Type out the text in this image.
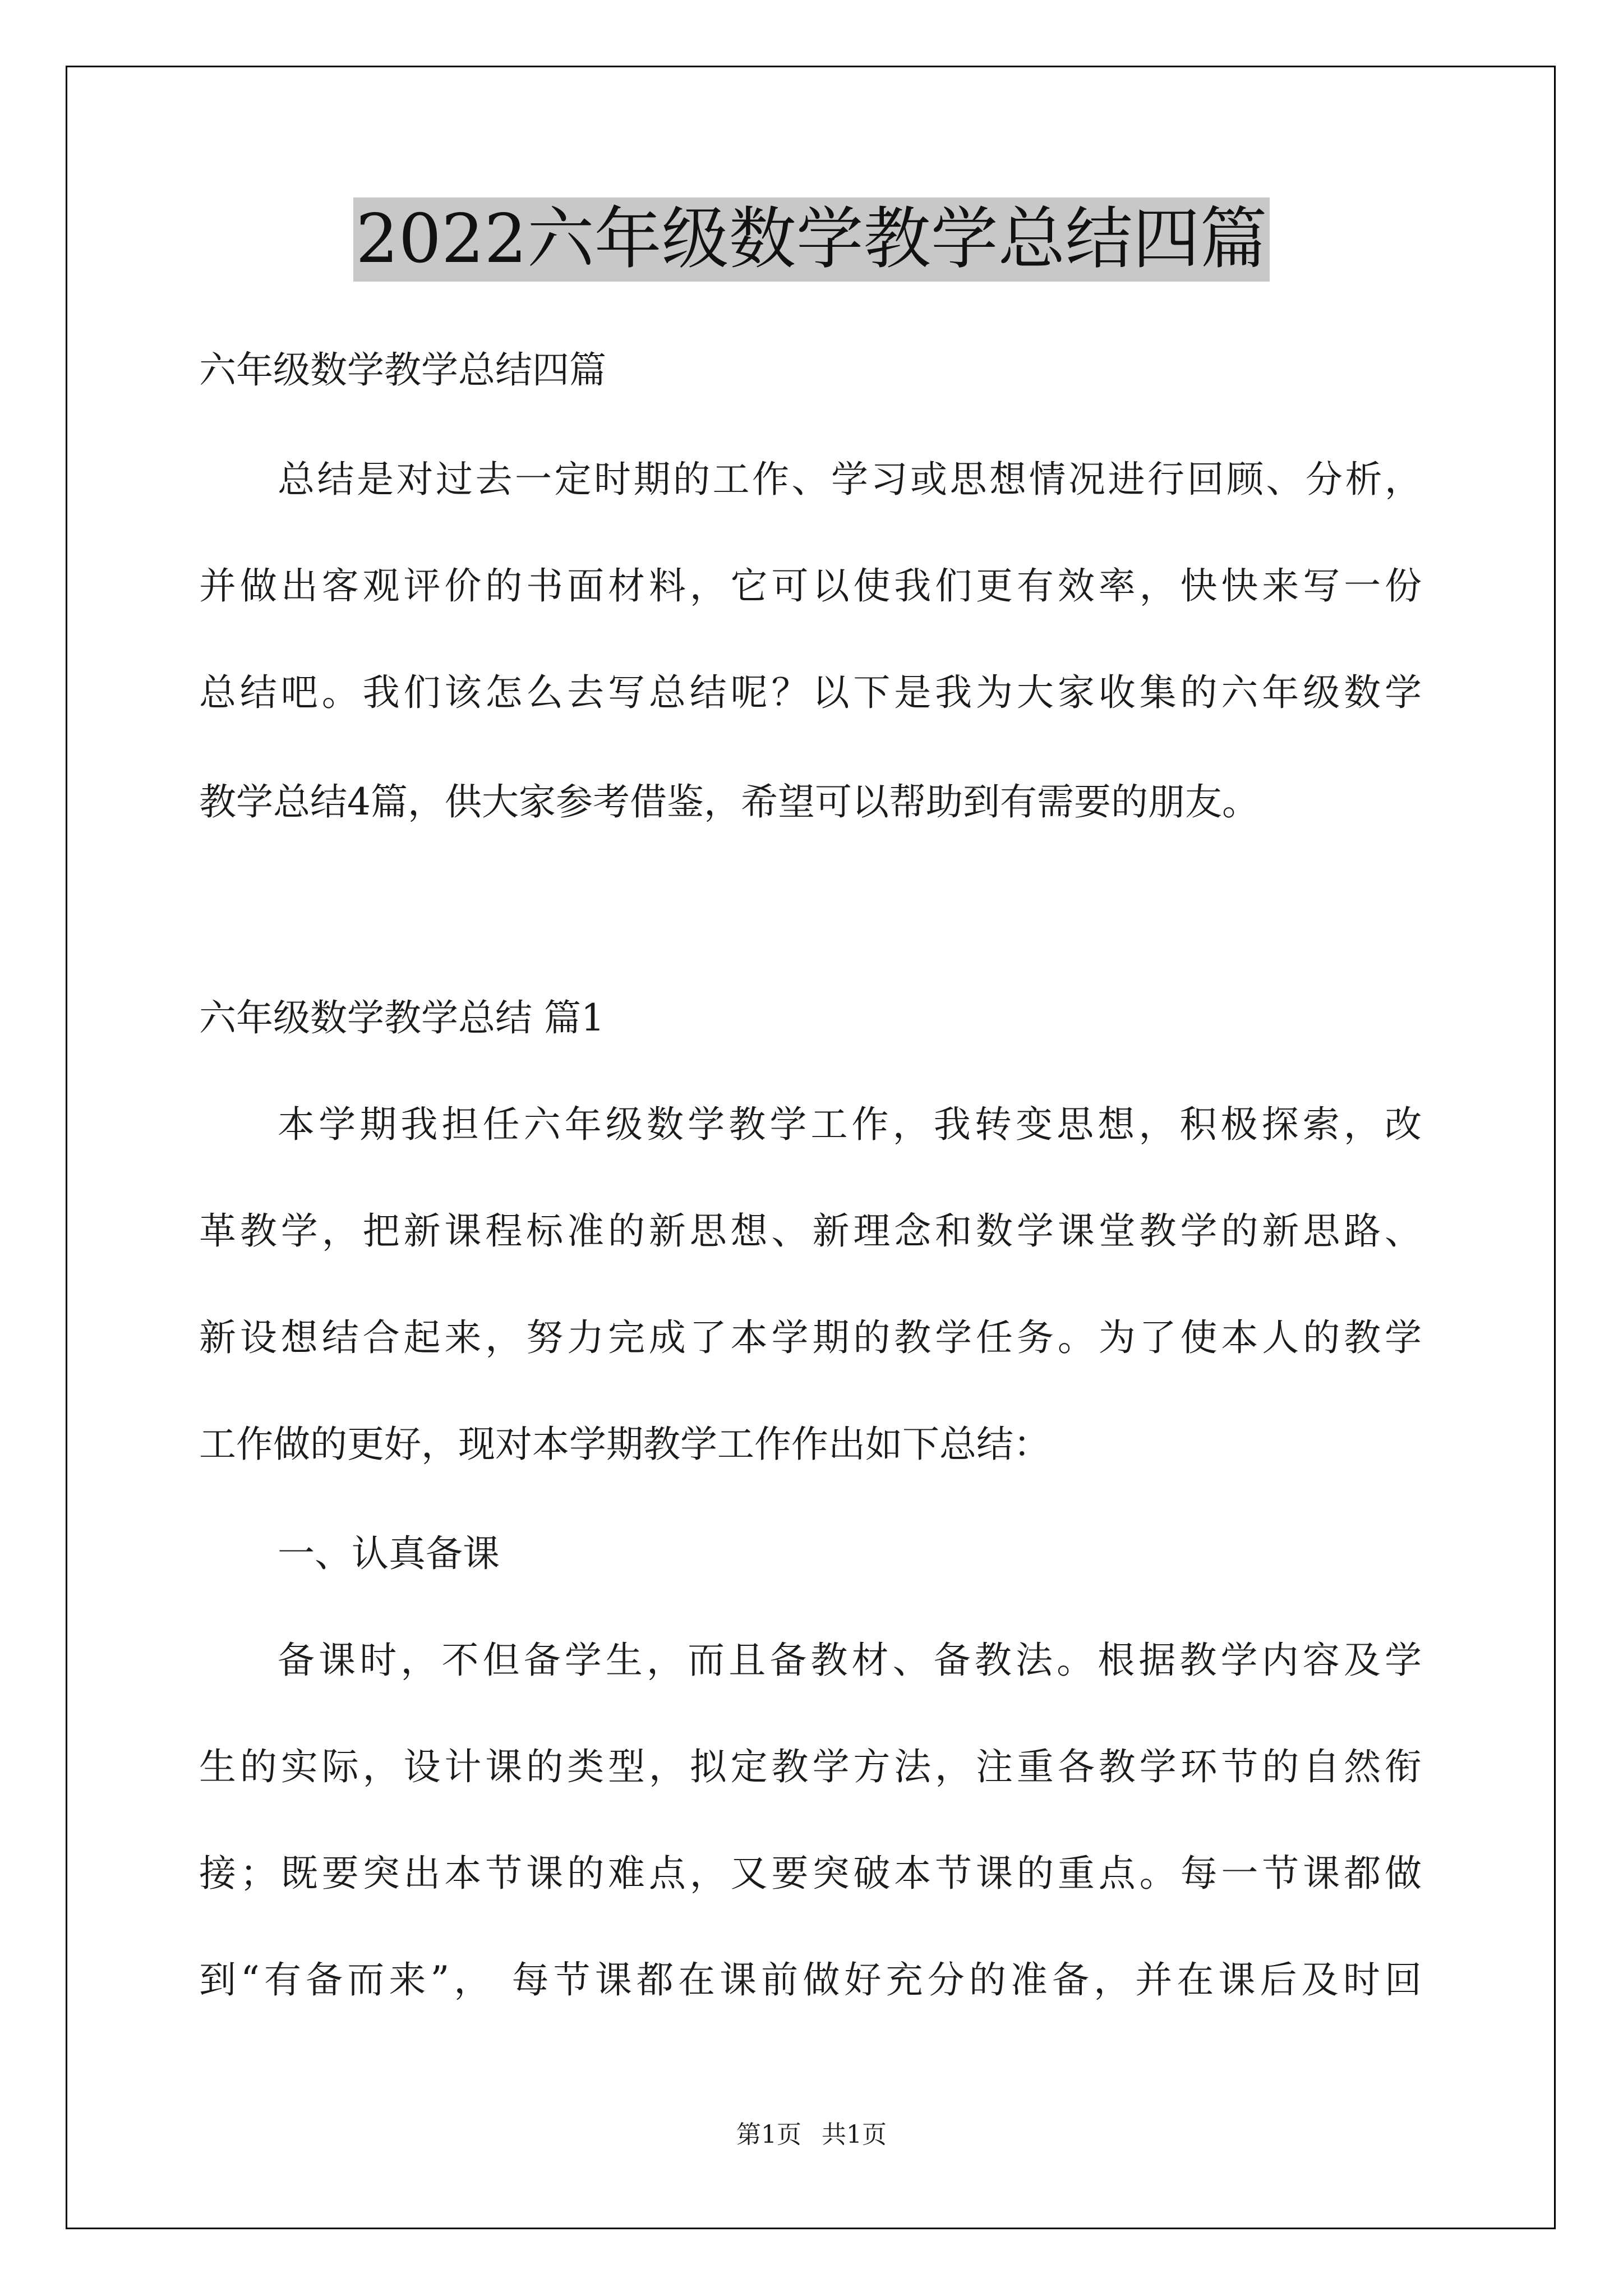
2022六年级数学教学总结四篇
六年级数学教学总结四篇
总结是对过去一定时期的工作、学习或思想情况进行回顾、分析，
并做出客观评价的书面材料，它可以使我们更有效率，快快来写一份
总结吧。我们该怎么去写总结呢？以下是我为大家收集的六年级数学
教学总结4篇，供大家参考借鉴，希望可以帮助到有需要的朋友。
六年级数学教学总结 篇1
本学期我担任六年级数学教学工作，我转变思想，积极探索，改
革教学，把新课程标准的新思想、新理念和数学课堂教学的新思路、
新设想结合起来，努力完成了本学期的教学任务。为了使本人的教学
工作做的更好，现对本学期教学工作作出如下总结：
一、认真备课
备课时，不但备学生，而且备教材、备教法。根据教学内容及学
生的实际，设计课的类型，拟定教学方法，注重各教学环节的自然衔
接；既要突出本节课的难点，又要突破本节课的重点。每一节课都做
到“有备而来”， 每节课都在课前做好充分的准备，并在课后及时回
第1页 共1页
